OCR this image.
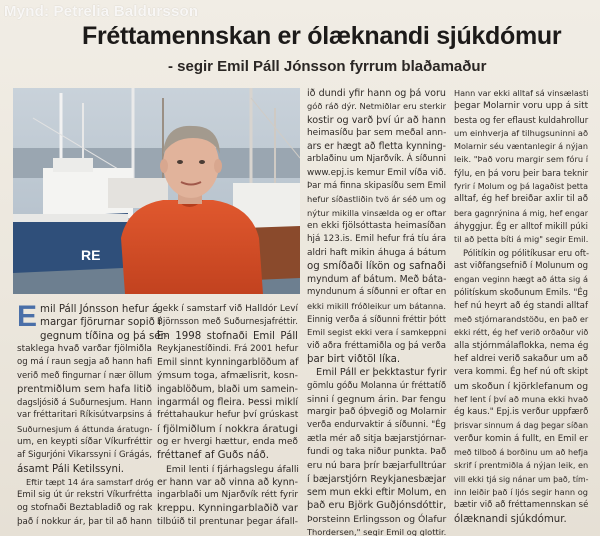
Mynd: Petrelia Baldursson
Fréttamennskan er ólæknandi sjúkdómur
- segir Emil Páll Jónsson fyrrum blaðamaður
RE
E mil Páll Jónsson hefur á
margar fjörurnar sopið í
gegnum tíðina og þá sér-
staklega hvað varðar fjölmiðla
og má í raun segja að hann hafi
verið með fingurnar í nær öllum
prentmiðlum sem hafa litið
dagsljósið á Suðurnesjum. Hann
var fréttaritari Ríkisútvarpsins á
Suðurnesjum á áttunda áratugn-
um, en keypti síðar Víkurfréttir
af Sigurjóni Vikarssyni í Grágás,
ásamt Páli Ketilssyni.
Eftir tæpt 14 ára samstarf dróg
Emil sig út úr rekstri Víkurfrétta
og stofnaði Beztabladið og rak
það í nokkur ár, þar til að hann
gekk í samstarf við Halldór Leví
Björnsson með Suðurnesjafréttir.
En 1998 stofnaði Emil Páll
Reykjanestíðindi. Frá 2001 hefur
Emil sinnt kynningarblöðum af
ýmsum toga, afmælisrit, kosn-
ingablöðum, blaði um samein-
ingarmál og fleira. Þessi miklí
fréttahaukur hefur því grúskast
í fjölmiðlum í nokkra áratugi
og er hvergi hættur, enda með
fréttanef af Guðs náð.
Emil lenti í fjárhagslegu áfalli
er hann var að vinna að kynn-
ingarblaði um Njarðvík rétt fyrir
kreppu. Kynningarblaðið var
tilbúið til prentunar þegar áfall-
ið dundi yfir hann og þá voru
góð ráð dýr. Netmiðlar eru sterkir
kostir og varð því úr að hann
heimasíðu þar sem meðal ann-
ars er hægt að fletta kynning-
arblaðinu um Njarðvík. Á síðunni
www.epj.is kemur Emil víða við.
Þar má finna skipasíðu sem Emil
hefur síðastliðin tvö ár séð um og
nýtur mikilla vinsælda og er oftar
en ekki fjölsóttasta heimasíðan
hjá 123.is. Emil hefur frá tíu ára
aldri haft mikin áhuga á bátum
og smíðaði líkön og safnaði
myndum af bátum. Með báta-
myndunum á síðunni er oftar en
ekki mikill fróðleikur um bátanna.
Einnig verða á síðunni fréttir þótt
Emil segist ekki vera í samkeppni
við aðra fréttamiðla og þá verða
þar birt viðtöl líka.
Emil Páll er þekktastur fyrir
gömlu góðu Molanna úr fréttatíð
sinni í gegnum árin. Þar fengu
margir það óþvegið og Molarnir
verða endurvaktir á síðunni. "Ég
ætla mér að sitja bæjarstjórnar-
fundi og taka niður punkta. Það
eru nú bara þrír bæjarfulltrúar
í bæjarstjórn Reykjanesbæjar
sem mun ekki eftir Molum, en
það eru Björk Guðjónsdóttir,
Þorsteinn Erlingsson og Ólafur
Thordersen," segir Emil og glottir.
Hann var ekki alltaf sá vinsælasti
þegar Molarnir voru upp á sitt
besta og fer eflaust kuldahrollur
um einhverja af tilhugsuninni að
Molarnir séu væntanlegir á nýjan
leik. "Það voru margir sem fóru í
fýlu, en þá voru þeir bara teknir
fyrir í Molum og þá lagaðist þetta
alltaf, ég hef breiðar axlir til að
bera gagnrýnina á mig, hef engar
áhyggjur. Ég er alltof mikill púki
til að þetta bíti á mig" segir Emil.
Pólitíkin og pólitíkusar eru oft-
ast viðfangsefnið í Molunum og
engan veginn hægt að átta sig á
pólitískum skoðunum Emils. "Ég
hef nú heyrt að ég standi alltaf
með stjórnarandstöðu, en það er
ekki rétt, ég hef verið orðaður við
alla stjórnmálaflokka, nema ég
hef aldrei verið sakaður um að
vera kommi. Ég hef nú oft skipt
um skoðun í kjörklefanum og
hef lent í því að muna ekki hvað
ég kaus." Epj.is verður uppfærð
þrisvar sinnum á dag þegar síðan
verður komin á fullt, en Emil er
með tilboð á borðinu um að hefja
skrif í prentmiðla á nýjan leik, en
vill ekki tjá sig nánar um það, tím-
inn leiðir það í ljós segir hann og
bætir við að fréttamennskan sé
ólæknandi sjúkdómur.
